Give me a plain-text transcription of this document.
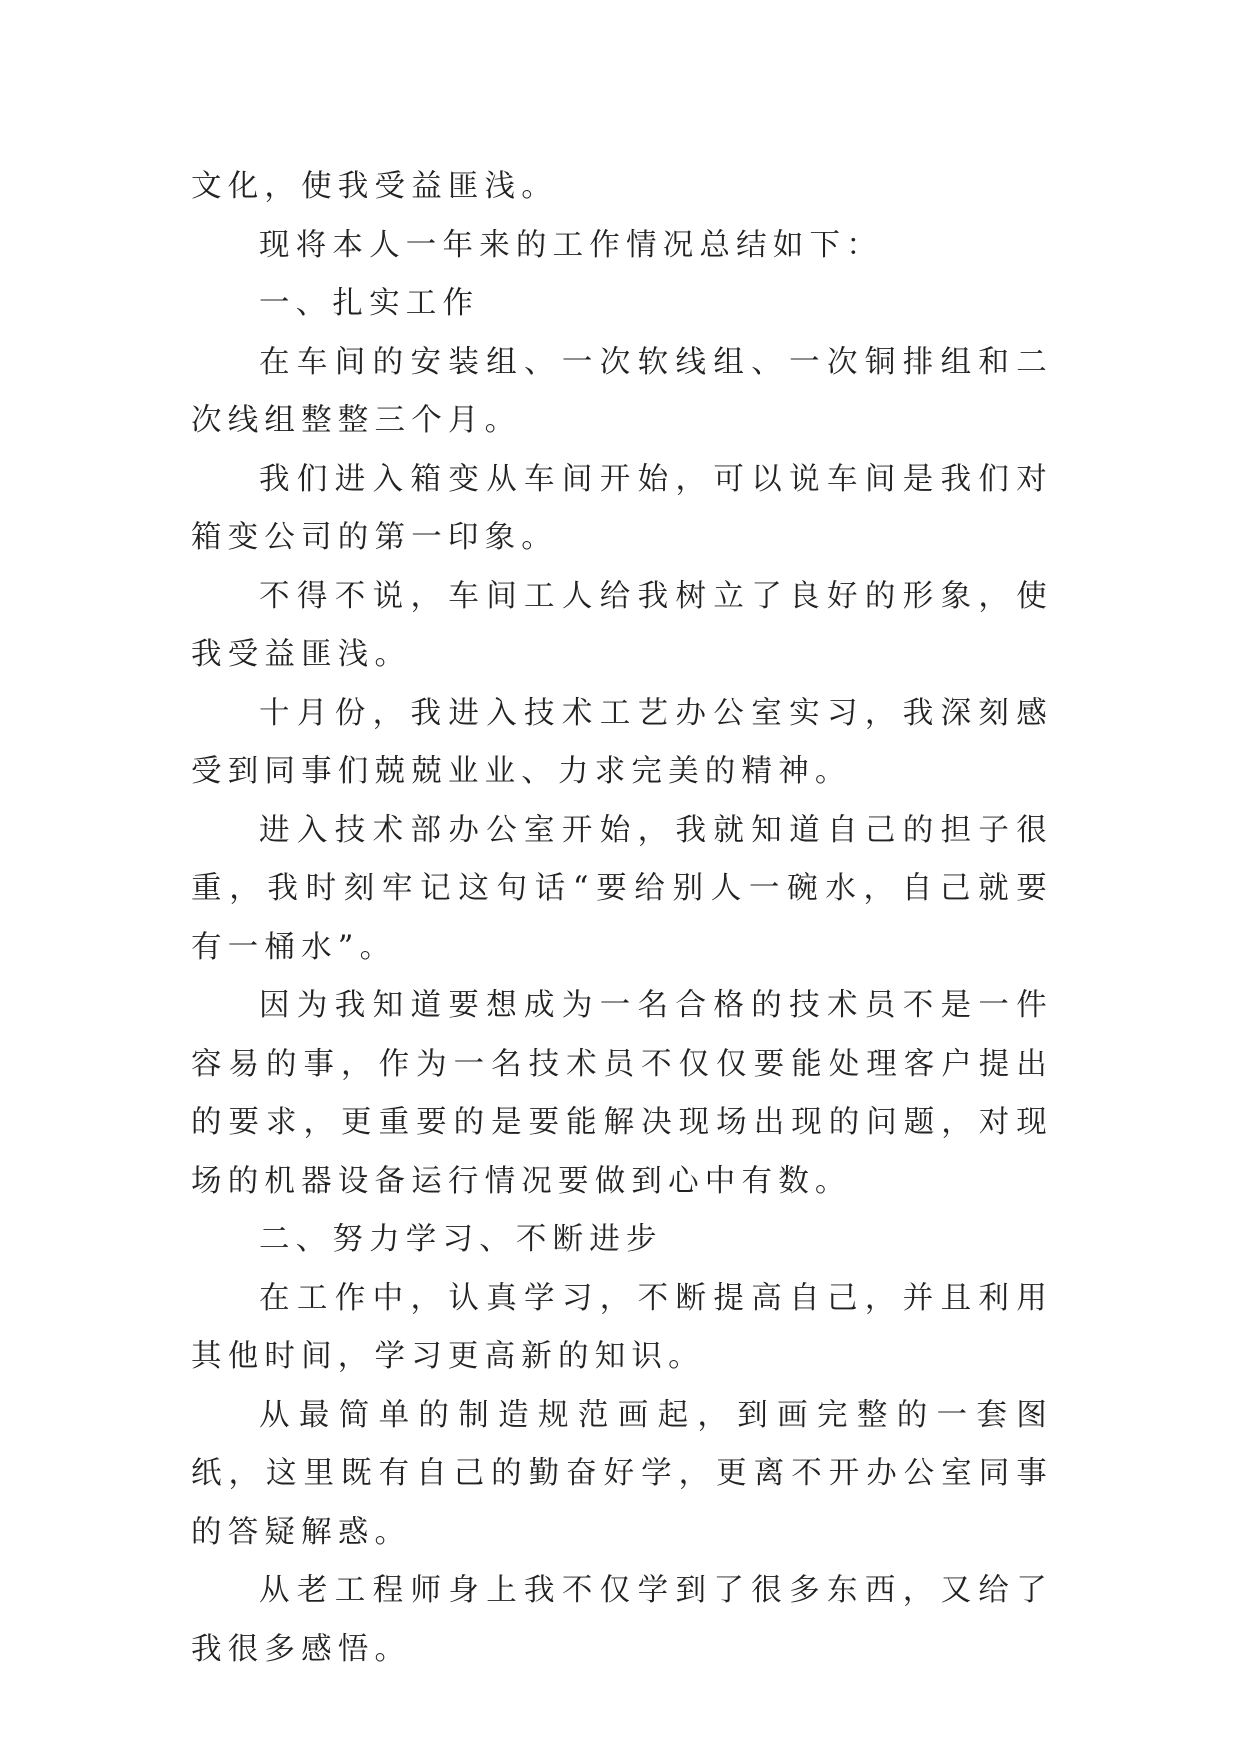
文化，使我受益匪浅。

现将本人一年来的工作情况总结如下：

一、扎实工作

在车间的安装组、一次软线组、一次铜排组和二次线组整整三个月。

我们进入箱变从车间开始，可以说车间是我们对箱变公司的第一印象。

不得不说，车间工人给我树立了良好的形象，使我受益匪浅。

十月份，我进入技术工艺办公室实习，我深刻感受到同事们兢兢业业、力求完美的精神。

进入技术部办公室开始，我就知道自己的担子很重，我时刻牢记这句话“要给别人一碗水，自己就要有一桶水”。

因为我知道要想成为一名合格的技术员不是一件容易的事，作为一名技术员不仅仅要能处理客户提出的要求，更重要的是要能解决现场出现的问题，对现场的机器设备运行情况要做到心中有数。

二、努力学习、不断进步

在工作中，认真学习，不断提高自己，并且利用其他时间，学习更高新的知识。

从最简单的制造规范画起，到画完整的一套图纸，这里既有自己的勤奋好学，更离不开办公室同事的答疑解惑。

从老工程师身上我不仅学到了很多东西，又给了我很多感悟。
